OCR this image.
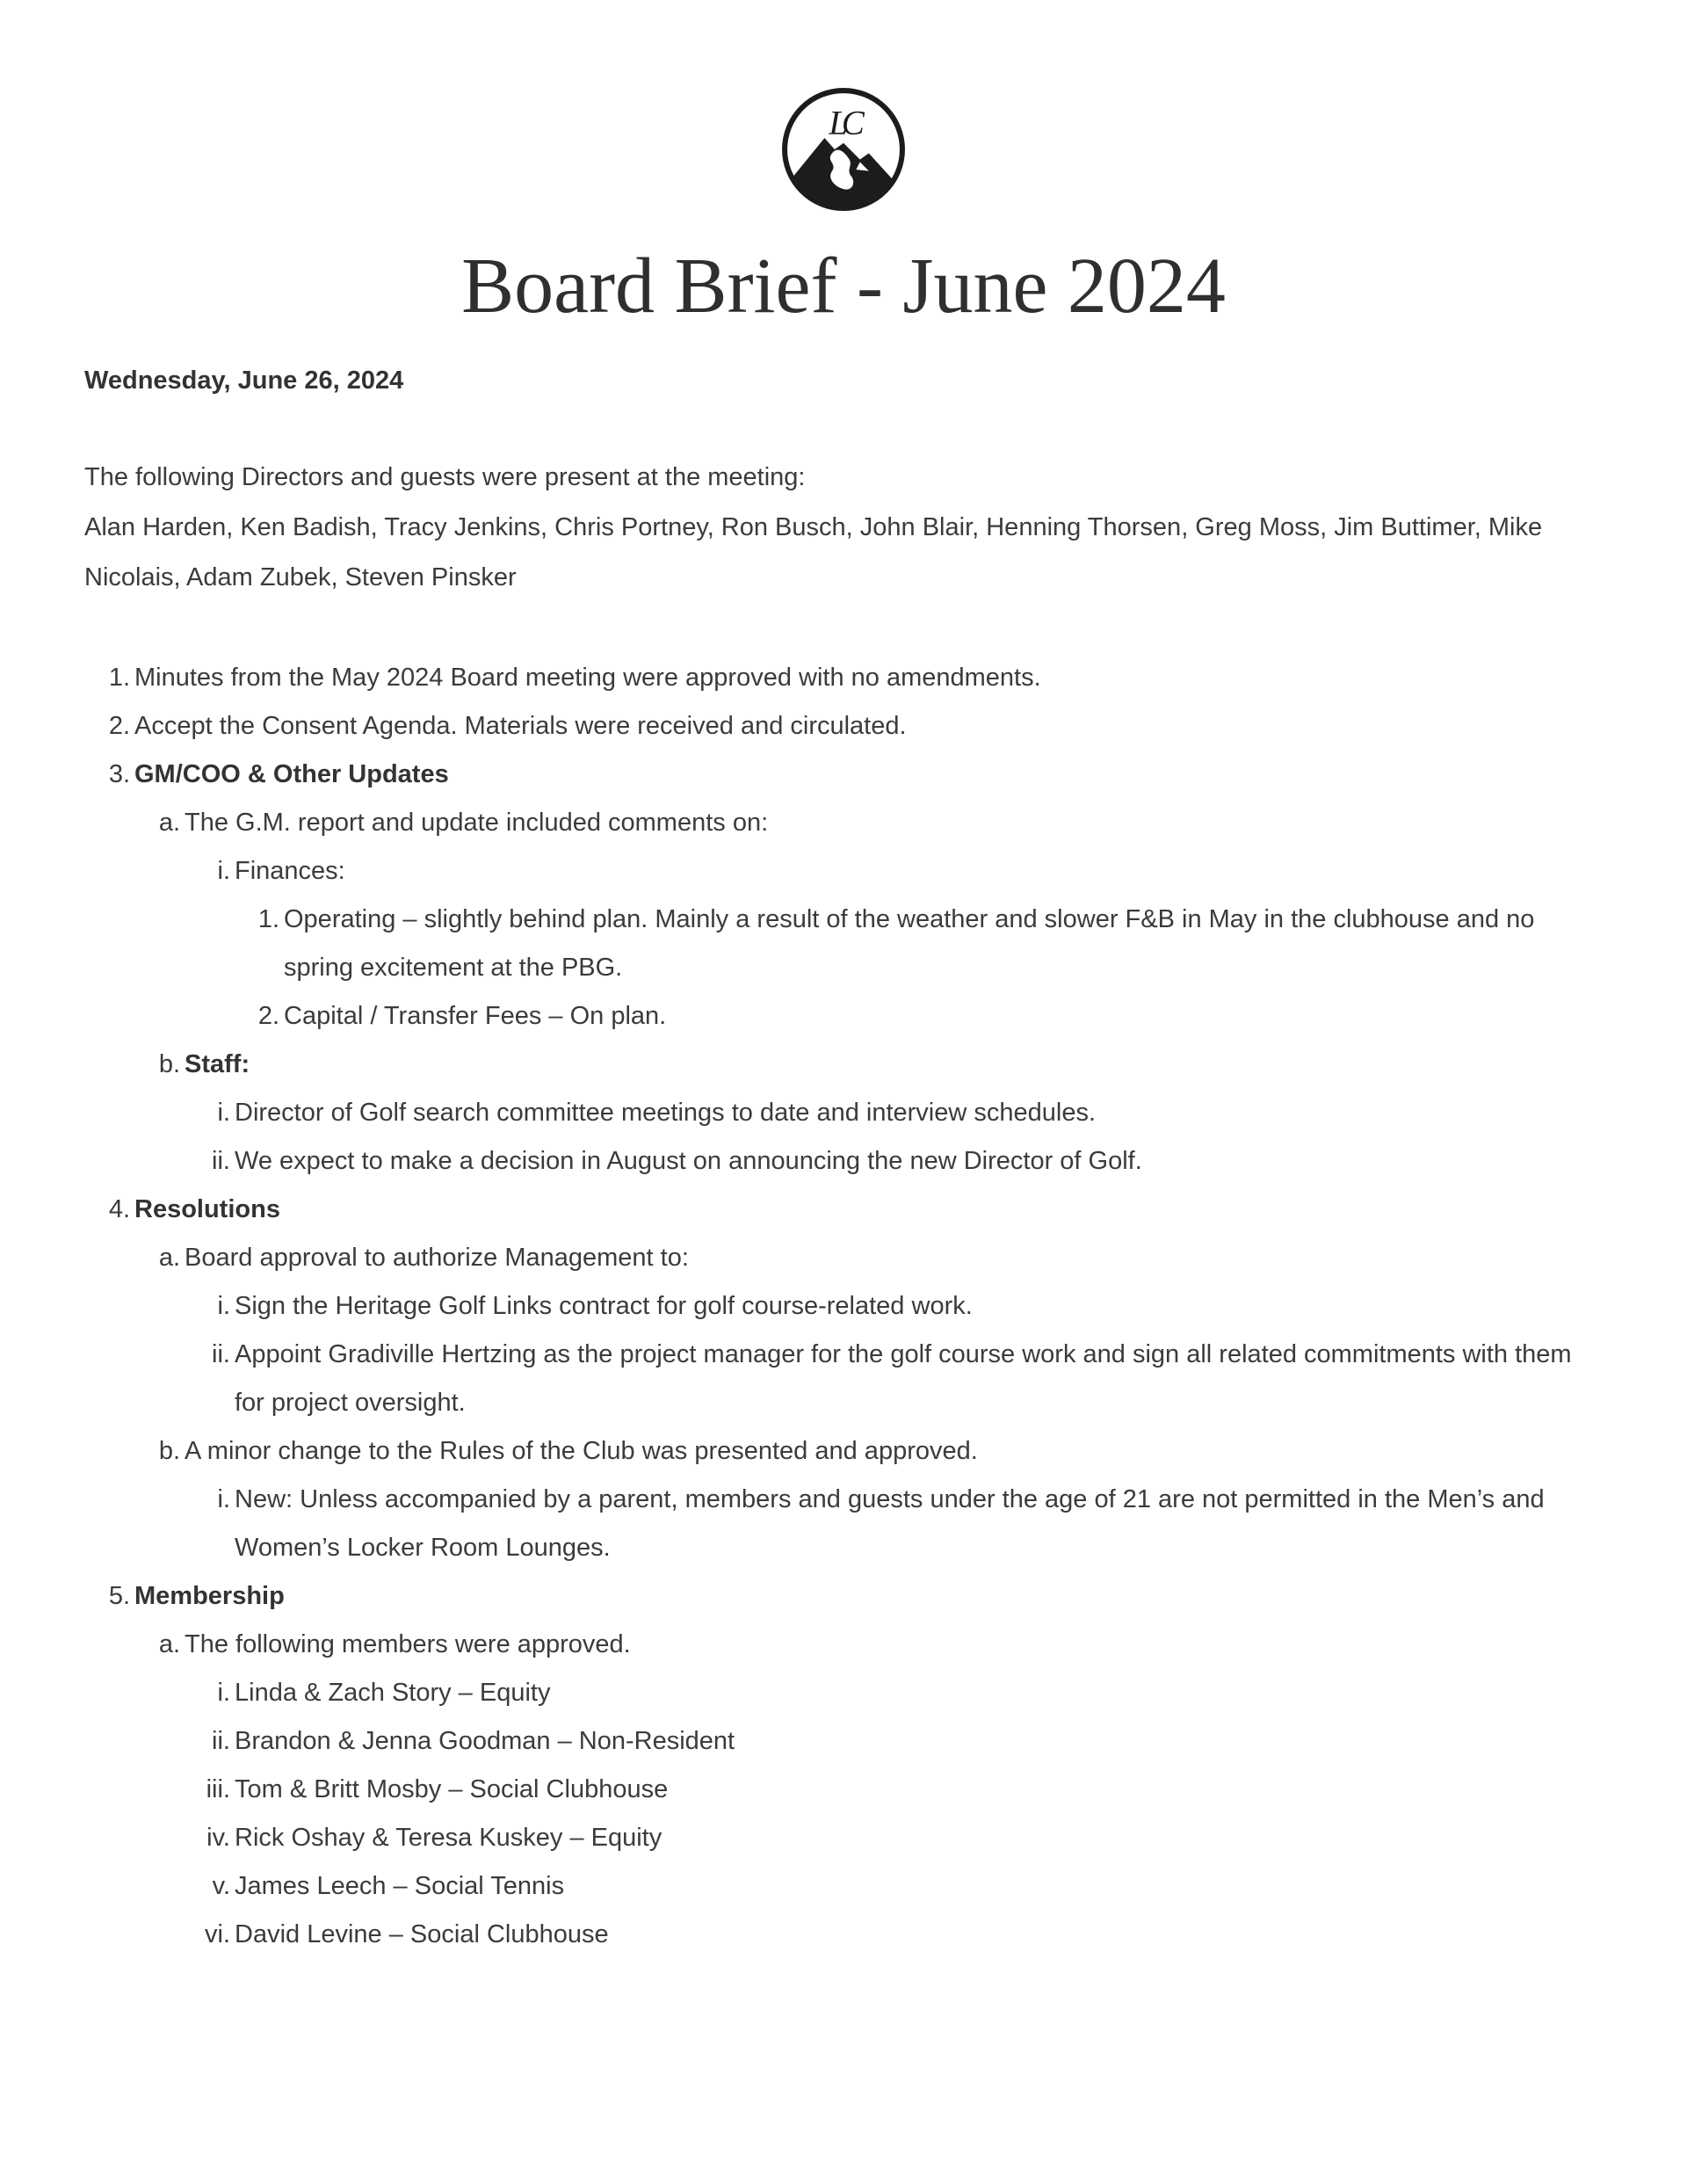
LC
Board Brief - June 2024
Wednesday, June 26, 2024
The following Directors and guests were present at the meeting:
Alan Harden, Ken Badish, Tracy Jenkins, Chris Portney, Ron Busch, John Blair, Henning Thorsen, Greg Moss, Jim Buttimer, Mike Nicolais, Adam Zubek, Steven Pinsker
1. Minutes from the May 2024 Board meeting were approved with no amendments.
2. Accept the Consent Agenda. Materials were received and circulated.
3. GM/COO & Other Updates
a. The G.M. report and update included comments on:
i. Finances:
1. Operating – slightly behind plan. Mainly a result of the weather and slower F&B in May in the clubhouse and no spring excitement at the PBG.
2. Capital / Transfer Fees – On plan.
b. Staff:
i. Director of Golf search committee meetings to date and interview schedules.
ii. We expect to make a decision in August on announcing the new Director of Golf.
4. Resolutions
a. Board approval to authorize Management to:
i. Sign the Heritage Golf Links contract for golf course-related work.
ii. Appoint Gradiville Hertzing as the project manager for the golf course work and sign all related commitments with them for project oversight.
b. A minor change to the Rules of the Club was presented and approved.
i. New: Unless accompanied by a parent, members and guests under the age of 21 are not permitted in the Men’s and Women’s Locker Room Lounges.
5. Membership
a. The following members were approved.
i. Linda & Zach Story – Equity
ii. Brandon & Jenna Goodman – Non-Resident
iii. Tom & Britt Mosby – Social Clubhouse
iv. Rick Oshay & Teresa Kuskey – Equity
v. James Leech – Social Tennis
vi. David Levine – Social Clubhouse
